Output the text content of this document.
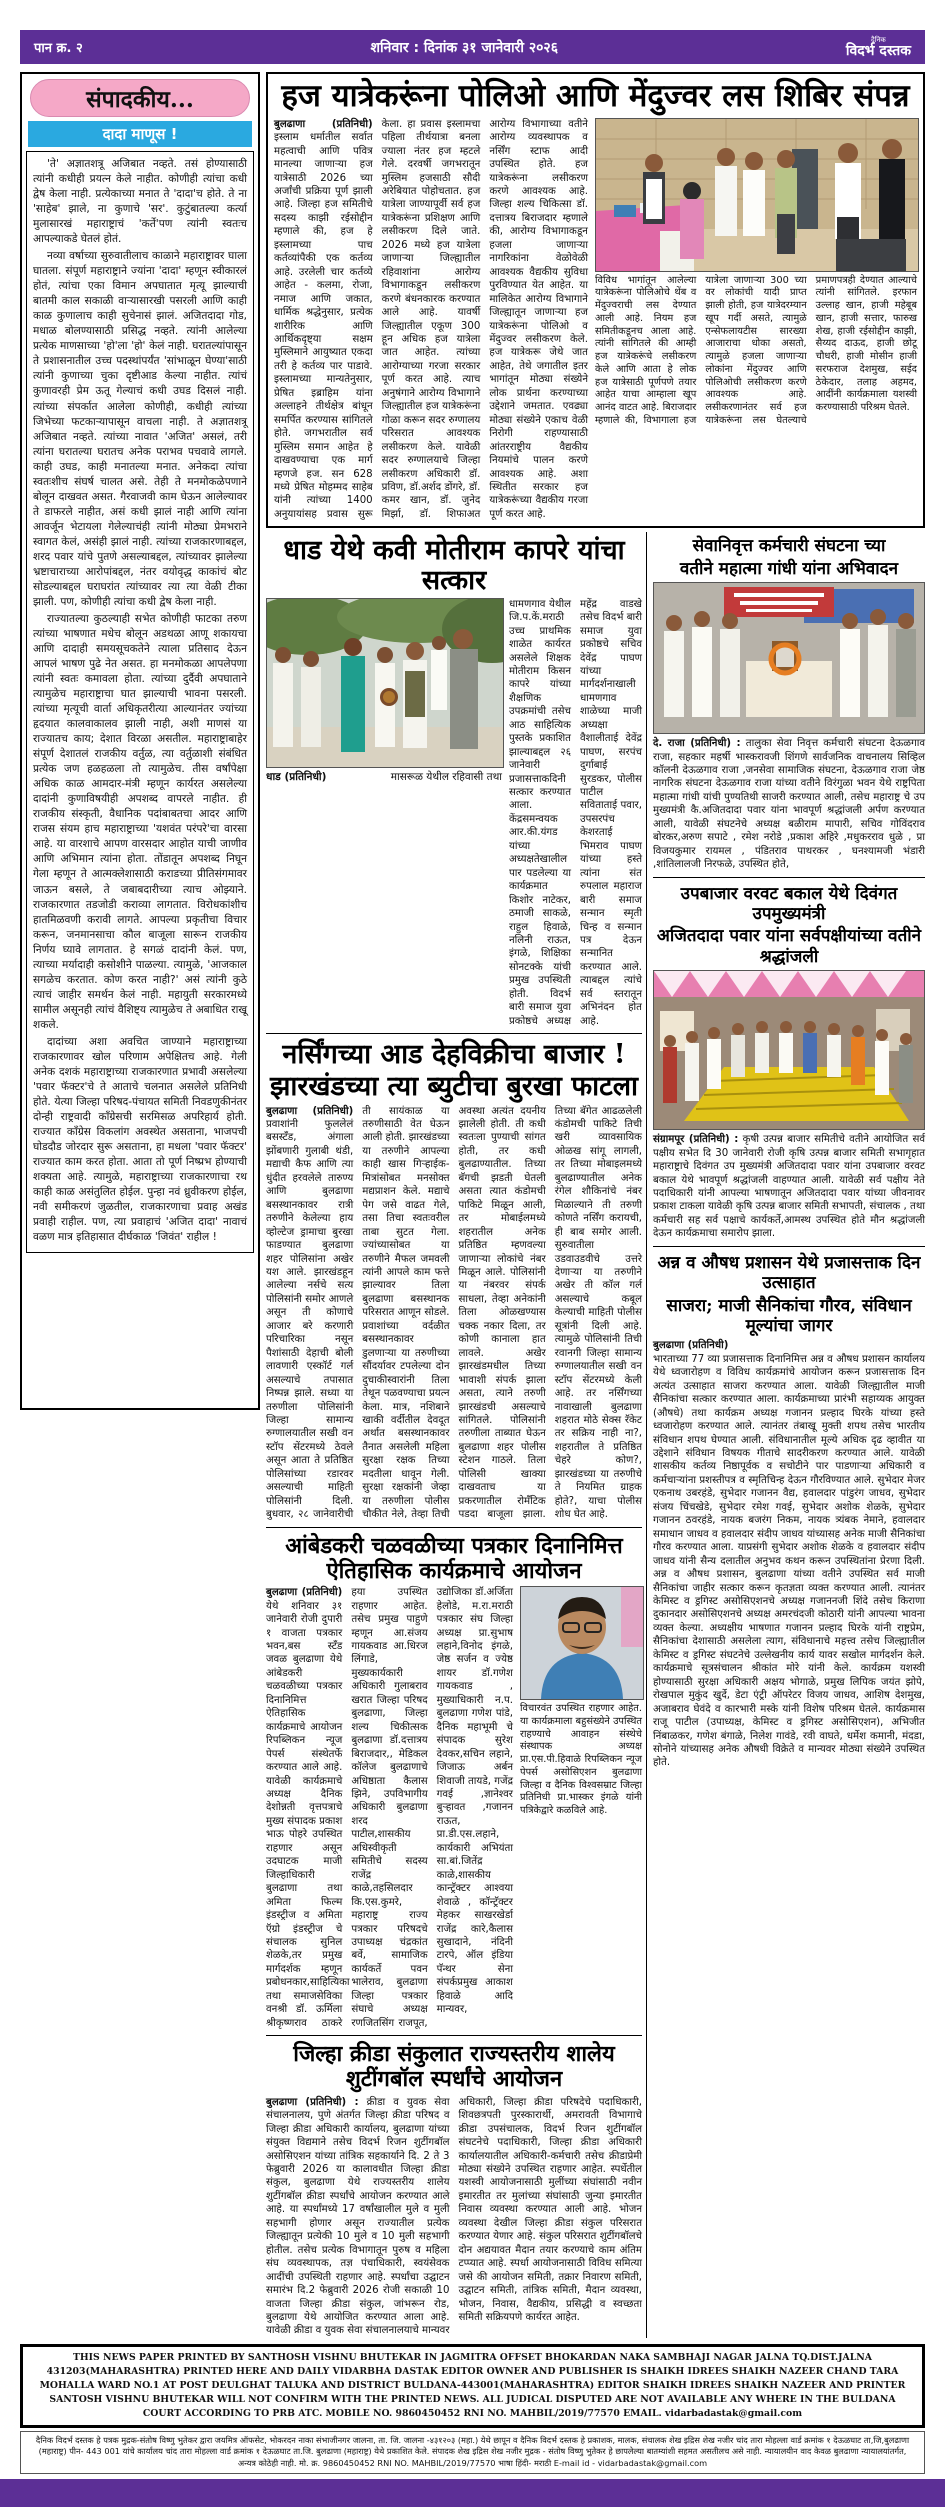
पान क्र. २	शनिवार : दिनांक ३१ जानेवारी २०२६	दैनिक
विदर्भ दस्तक
संपादकीय...
दादा माणूस !

'ते' अज्ञातशत्रू अजिबात नव्हते. तसं होण्यासाठी त्यांनी कधीही प्रयत्न केले नाहीत. कोणीही त्यांचा कधी द्वेष केला नाही. प्रत्येकाच्या मनात ते 'दादा'च होते. ते ना 'साहेब' झाले, ना कुणाचे 'सर'. कुटुंबातल्या कर्त्या मुलासारखं महाराष्ट्राचं 'कर्ते'पण त्यांनी स्वतःच आपल्याकडे घेतलं होतं.

नव्या वर्षाच्या सुरुवातीलाच काळाने महाराष्ट्रावर घाला घातला. संपूर्ण महाराष्ट्राने ज्यांना 'दादा' म्हणून स्वीकारलं होतं, त्यांचा एका विमान अपघातात मृत्यू झाल्याची बातमी काल सकाळी वाऱ्यासारखी पसरली आणि काही काळ कुणालाच काही सुचेनासं झालं. अजितदादा गोड, मधाळ बोलण्यासाठी प्रसिद्ध नव्हते. त्यांनी आलेल्या प्रत्येक माणसाच्या 'हो'ला 'हो' केलं नाही. घरातल्यांपासून ते प्रशासनातील उच्च पदस्थांपर्यंत 'सांभाळून घेण्या'साठी त्यांनी कुणाच्या चुका दृष्टीआड केल्या नाहीत. त्यांचं कुणावरही प्रेम ऊतू गेल्याचं कधी उघड दिसलं नाही. त्यांच्या संपर्कात आलेला कोणीही, कधीही त्यांच्या जिभेच्या फटकाऱ्यापासून वाचला नाही. ते अज्ञातशत्रू अजिबात नव्हते. त्यांच्या नावात 'अजित' असलं, तरी त्यांना घरातल्या घरातच अनेक पराभव पचवावे लागले. काही उघड, काही मनातल्या मनात. अनेकदा त्यांचा स्वतःशीच संघर्ष चालत असे. तेही ते मनमोकळेपणाने बोलून दाखवत असत. गैरवाजवी काम घेऊन आलेल्यावर ते डाफरले नाहीत, असं कधी झालं नाही आणि त्यांना आवर्जून भेटायला गेलेल्याचंही त्यांनी मोठ्या प्रेमभराने स्वागत केलं, असंही झालं नाही. त्यांच्या राजकारणाबद्दल, शरद पवार यांचे पुतणे असल्याबद्दल, त्यांच्यावर झालेल्या भ्रष्टाचाराच्या आरोपांबद्दल, नंतर वयोवृद्ध काकांचं बोट सोडल्याबद्दल घराघरांत त्यांच्यावर त्या त्या वेळी टीका झाली. पण, कोणीही त्यांचा कधी द्वेष केला नाही.

राज्यातल्या कुठल्याही सभेत कोणीही फाटका तरुण त्यांच्या भाषणात मधेच बोलून अडथळा आणू शकायचा आणि दादाही समयसूचकतेने त्याला प्रतिसाद देऊन आपलं भाषण पुढे नेत असत. हा मनमोकळा आपलेपणा त्यांनी स्वतः कमावला होता. त्यांच्या दुर्दैवी अपघाताने त्यामुळेच महाराष्ट्राचा घात झाल्याची भावना पसरली. त्यांच्या मृत्यूची वार्ता अधिकृतरीत्या आल्यानंतर ज्यांच्या हृदयात कालवाकालव झाली नाही, अशी माणसं या राज्यातच काय; देशात विरळा असतील. महाराष्ट्राबाहेर संपूर्ण देशातलं राजकीय वर्तुळ, त्या वर्तुळाशी संबंधित प्रत्येक जण हळहळला तो त्यामुळेच. तीस वर्षांपेक्षा अधिक काळ आमदार-मंत्री म्हणून कार्यरत असलेल्या दादांनी कुणाविषयीही अपशब्द वापरले नाहीत. ही राजकीय संस्कृती, वैधानिक पदांबाबतचा आदर आणि राजस संयम हाच महाराष्ट्राच्या 'यशवंत परंपरे'चा वारसा आहे. या वारशाचे आपण वारसदार आहोत याची जाणीव आणि अभिमान त्यांना होता. तोंडातून अपशब्द निघून गेला म्हणून ते आत्मक्लेशासाठी कराडच्या प्रीतिसंगमावर जाऊन बसले, ते जबाबदारीच्या त्याच ओझ्याने. राजकारणात तडजोडी कराव्या लागतात. विरोधकांशीच हातमिळवणी करावी लागते. आपल्या प्रकृतीचा विचार करून, जनमानसाचा कौल बाजूला सारून राजकीय निर्णय घ्यावे लागतात. हे सगळं दादांनी केलं. पण, त्याच्या मर्यादाही कसोशीने पाळल्या. त्यामुळे, 'आजकाल सगळेच करतात. कोण करत नाही?' असं त्यांनी कुठे त्याचं जाहीर समर्थन केलं नाही. महायुती सरकारमध्ये सामील असूनही त्यांचं वैशिष्ट्य त्यामुळेच ते अबाधित राखू शकले.

दादांच्या अशा अवचित जाण्याने महाराष्ट्राच्या राजकारणावर खोल परिणाम अपेक्षितच आहे. गेली अनेक दशकं महाराष्ट्राच्या राजकारणात प्रभावी असलेल्या 'पवार फॅक्टर'चे ते आताचे चलनात असलेले प्रतिनिधी होते. येत्या जिल्हा परिषद-पंचायत समिती निवडणुकीनंतर दोन्ही राष्ट्रवादी काँग्रेसची सरमिसळ अपरिहार्य होती. राज्यात काँग्रेस विकलांग अवस्थेत असताना, भाजपची घोडदौड जोरदार सुरू असताना, हा मधला 'पवार फॅक्टर' राज्यात काम करत होता. आता तो पूर्ण निष्प्रभ होण्याची शक्यता आहे. त्यामुळे, महाराष्ट्राच्या राजकारणाचा रथ काही काळ असंतुलित होईल. पुन्हा नवं ध्रुवीकरण होईल, नवी समीकरणं जुळतील, राजकारणाचा प्रवाह अखंड प्रवाही राहील. पण, त्या प्रवाहाचं 'अजित दादा' नावाचं वळण मात्र इतिहासात दीर्घकाळ 'जिवंत' राहील !

हज यात्रेकरूंना पोलिओ आणि मेंदुज्वर लस शिबिर संपन्न
बुलढाणा (प्रतिनिधी) इस्लाम धर्मातील सर्वात महत्वाची आणि पवित्र मानल्या जाणाऱ्या हज यात्रेसाठी 2026 च्या अर्जांची प्रक्रिया पूर्ण झाली आहे. जिल्हा हज समितीचे सदस्य काझी रईसोद्दीन म्हणाले की, हज हे इस्लामच्या पाच कर्तव्यांपैकी एक कर्तव्य आहे. उरलेली चार कर्तव्ये आहेत - कलमा, रोजा, नमाज आणि जकात, धार्मिक श्रद्धेनुसार, प्रत्येक शारीरिक आणि आर्थिकदृष्ट्या सक्षम मुस्लिमाने आयुष्यात एकदा तरी हे कर्तव्य पार पाडावे. इस्लामच्या मान्यतेनुसार, प्रेषित इब्राहिम यांना अल्लाहने तीर्थक्षेत्र बांधून समर्पित करण्यास सांगितले होते. जगभरातील सर्व मुस्लिम समान आहेत हे दाखवण्याचा एक मार्ग म्हणजे हज. सन 628 मध्ये प्रेषित मोहम्मद साहेब यांनी त्यांच्या 1400 अनुयायांसह प्रवास सुरू केला. हा प्रवास इस्लामचा पहिला तीर्थयात्रा बनला ज्याला नंतर हज म्हटले गेले. दरवर्षी जगभरातून मुस्लिम हजसाठी सौदी अरेबियात पोहोचतात. हज यात्रेला जाण्यापूर्वी सर्व हज यात्रेकरूंना प्रशिक्षण आणि लसीकरण दिले जाते. 2026 मध्ये हज यात्रेला जाणाऱ्या जिल्ह्यातील रहिवाशांना आरोग्य विभागाकडून लसीकरण करणे बंधनकारक करण्यात आले आहे. यावर्षी जिल्ह्यातील एकूण 300 हून अधिक हज यात्रेला जात आहेत. त्यांच्या आरोग्याच्या गरजा सरकार पूर्ण करत आहे. त्याच अनुषंगाने आरोग्य विभागाने जिल्ह्यातील हज यात्रेकरूंना गोळा करून सदर रुग्णालय परिसरात आवश्यक लसीकरण केले. यावेळी सदर रुग्णालयाचे जिल्हा लसीकरण अधिकारी डॉ. प्रविण, डॉ.अर्शद डोंगरे, डॉ. कमर खान, डॉ. जुनेद मिर्झा, डॉ. शिफाअत आरोग्य विभागाच्या वतीने आरोग्य व्यवस्थापक व नर्सिंग स्टाफ आदी उपस्थित होते. हज यात्रेकरूंना लसीकरण करणे आवश्यक आहे. जिल्हा शल्य चिकित्सा डॉ. दत्तात्रय बिराजदार म्हणाले की, आरोग्य विभागाकडून हजला जाणाऱ्या नागरिकांना वेळोवेळी आवश्यक वैद्यकीय सुविधा पुरविण्यात येत आहेत. या मालिकेत आरोग्य विभागाने जिल्ह्यातून जाणाऱ्या हज यात्रेकरूंना पोलिओ व मेंदुज्वर लसीकरण केले. हज यात्रेकरू जेथे जात आहेत, तेथे जगातील इतर भागांतून मोठ्या संख्येने लोक प्रार्थना करण्याच्या उद्देशाने जमतात. एवढ्या मोठ्या संख्येने एकाच वेळी निरोगी राहण्यासाठी आंतरराष्ट्रीय वैद्यकीय नियमांचे पालन करणे आवश्यक आहे. अशा स्थितीत सरकार हज यात्रेकरूंच्या वैद्यकीय गरजा पूर्ण करत आहे.
विविध भागांतून आलेल्या यात्रेकरूंना पोलिओचे थेंब व मेंदुज्वराची लस देण्यात आली आहे. नियम हज समितीकडूनच आला आहे. त्यांनी सांगितले की आम्ही हज यात्रेकरूंचे लसीकरण केले आणि आता हे लोक हज यात्रेसाठी पूर्णपणे तयार आहेत याचा आम्हाला खूप आनंद वाटत आहे. बिराजदार म्हणाले की, विभागाला हज यात्रेला जाणाऱ्या 300 च्या वर लोकांची यादी प्राप्त झाली होती, हज यात्रेदरम्यान खूप गर्दी असते, त्यामुळे एन्सेफलायटीस सारख्या आजाराचा धोका असतो, त्यामुळे हजला जाणाऱ्या लोकांना मेंदुज्वर आणि पोलिओची लसीकरण करणे आवश्यक आहे. लसीकरणानंतर सर्व हज यात्रेकरूंना लस घेतल्याचे प्रमाणपत्रही देण्यात आल्याचे त्यांनी सांगितले. इरफान उल्लाह खान, हाजी महेबूब खान, हाजी सत्तार, फारुख शेख, हाजी रईसोद्दीन काझी, सैय्यद दाऊद, हाजी छोटू चौधरी, हाजी मोसीन हाजी सरफराज देशमुख, सईद ठेकेदार, तलाह अहमद, आदींनी कार्यक्रमाला यशस्वी करण्यासाठी परिश्रम घेतले.
धाड येथे कवी मोतीराम कापरे यांचा सत्कार
धाड (प्रतिनिधी)	मासरूळ येथील रहिवासी तथा
धामणगाव येथील जि.प.कें.मराठी उच्च प्राथमिक शाळेत कार्यरत असलेले शिक्षक मोतीराम किसन कापरे यांच्या शैक्षणिक उपक्रमांची तसेच आठ साहित्यिक पुस्तके प्रकाशित झाल्याबद्दल २६ जानेवारी प्रजासत्ताकदिनी सत्कार करण्यात आला. केंद्रसमन्वयक आर.की.यंगड यांच्या अध्यक्षतेखालील पार पडलेल्या या कार्यक्रमात किशोर नाटेकर, ठमाजी साकळे, राहुल हिवाळे, नलिनी राऊत, इंगळे, शिक्षिका सोनटक्के यांची प्रमुख उपस्थिती होती. विदर्भ बारी समाज युवा प्रकोष्ठचे अध्यक्ष महेंद्र वाडखे तसेच विदर्भ बारी समाज युवा प्रकोष्ठचे सचिव देवेंद्र पाघण यांच्या मार्गदर्शनाखाली धामणगाव शाळेच्या माजी अध्यक्षा वैशालीताई देवेंद्र पाघण, सरपंच दुर्गाबाई सुरडकर, पोलीस पाटील सविताताई पवार, उपसरपंच केशरताई भिमराव पाघण यांच्या हस्ते त्यांना संत रुपलाल महाराज बारी समाज सन्मान स्मृती चिन्ह व सन्मान पत्र देऊन सन्मानित करण्यात आले. त्याबद्दल त्यांचे सर्व स्तरातून अभिनंदन होत आहे.
नर्सिंगच्या आड देहविक्रीचा बाजार !
झारखंडच्या त्या ब्युटीचा बुरखा फाटला
बुलढाणा (प्रतिनिधी) प्रवाशांनी फुललेलं बसस्टँड, अंगाला झोंबणारी गुलाबी थंडी, मद्याची कैफ आणि त्या धुंदीत हरवलेले तारुण्य आणि बुलढाणा बसस्थानकावर रात्री तरुणीने केलेल्या हाय व्होल्टेज ड्रामाचा बुरखा फाडण्यात बुलढाणा शहर पोलिसांना अखेर यश आले. झारखंडहून आलेल्या नर्सचे सत्य पोलिसांनी समोर आणले असून ती कोणाचे आजार बरे करणारी परिचारिका नसून पैशांसाठी देहाची बोली लावणारी एस्कॉर्ट गर्ल असल्याचे तपासात निष्पन्न झाले. सध्या या तरुणीला पोलिसांनी जिल्हा सामान्य रुग्णालयातील सखी वन स्टॉप सेंटरमध्ये ठेवले असून आता ते प्रतिष्ठित पोलिसांच्या रडारवर असल्याची माहिती पोलिसांनी दिली. बुधवार, २८ जानेवारीची ती सायंकाळ या तरुणीसाठी वेत घेऊन आली होती. झारखंडच्या या तरुणीने आपल्या काही खास गिऱ्हाईक-मित्रांसोबत मनसोक्त मद्यप्राशन केले. मद्याचे पेग जसे वाढत गेले, तसा तिचा स्वतःवरील ताबा सुटत गेला. ज्यांच्यासोबत या तरुणीने मैफल जमवली त्यांनी आपले काम फत्ते झाल्यावर तिला बुलढाणा बसस्थानक परिसरात आणून सोडले. प्रवाशांच्या वर्दळीत बसस्थानकावर डुलणाऱ्या या तरुणीच्या सौंदर्यावर टपलेल्या दोन दुचाकीस्वारांनी तिला तेथून पळवण्याचा प्रयत्न केला. मात्र, नशिबाने खाकी वर्दीतील देवदूत अर्थात बसस्थानकावर तैनात असलेली महिला सुरक्षा रक्षक तिच्या मदतीला धावून गेली. सुरक्षा रक्षकांनी जेव्हा या तरुणीला पोलीस चौकीत नेले, तेव्हा तिची अवस्था अत्यंत दयनीय झालेली होती. ती कधी स्वतःला पुण्याची सांगत होती, तर कधी बुलढाण्यातील. तिच्या बॅगची झडती घेतली असता त्यात कंडोमची पाकिटे मिळून आली, तर मोबाईलमध्ये शहरातील अनेक प्रतिष्ठित म्हणवल्या जाणाऱ्या लोकांचे नंबर मिळून आले. पोलिसांनी या नंबरवर संपर्क साधला, तेव्हा अनेकांनी तिला ओळखण्यास चक्क नकार दिला, तर कोणी कानाला हात लावले. अखेर झारखंडमधील तिच्या भावाशी संपर्क झाला असता, त्याने तरुणी झारखंडची असल्याचे सांगितले. पोलिसांनी तरुणीला ताब्यात घेऊन बुलढाणा शहर पोलीस स्टेशन गाठले. तिला पोलिसी खाक्या दाखवताच या प्रकरणातील रोमँटिक पडदा बाजूला झाला. तिच्या बॅगेत आढळलेली कंडोमची पाकिटे तिची खरी व्यावसायिक ओळख सांगू लागली, तर तिच्या मोबाइलमध्ये बुलढाण्यातील अनेक रंगेल शौकिनांचे नंबर मिळाल्याने ती तरुणी कोणते नर्सिंग करायची, ही बाब समोर आली. सुरुवातीला उडवाउडवीचे उत्तरे देणाऱ्या या तरुणीने अखेर ती कॉल गर्ल असल्याचे कबूल केल्याची माहिती पोलीस सूत्रांनी दिली आहे. त्यामुळे पोलिसांनी तिची रवानगी जिल्हा सामान्य रुग्णालयातील सखी वन स्टॉप सेंटरमध्ये केली आहे. तर नर्सिंगच्या नावाखाली बुलढाणा शहरात मोठे सेक्स रॅकेट तर सक्रिय नाही ना?, शहरातील ते प्रतिष्ठित चेहरे कोण?, झारखंडच्या या तरुणीचे ते नियमित ग्राहक होते?, याचा पोलीस शोध घेत आहे.
आंबेडकरी चळवळीच्या पत्रकार दिनानिमित्त ऐतिहासिक कार्यक्रमाचे आयोजन
बुलढाणा (प्रतिनिधी) येथे शनिवार ३१ जानेवारी रोजी दुपारी १ वाजता पत्रकार भवन,बस स्टँड जवळ बुलढाणा येथे आंबेडकरी चळवळीच्या पत्रकार दिनानिमित्त ऐतिहासिक कार्यक्रमाचे आयोजन रिपब्लिकन न्यूज पेपर्स संस्थेतर्फे करण्यात आले आहे. यावेळी कार्यक्रमाचे अध्यक्ष दैनिक देशोन्नती वृत्तपत्राचे मुख्य संपादक प्रकाश भाऊ पोहरे उपस्थित राहणार असून उदघाटक माजी जिल्हाधिकारी बुलढाणा तथा अमिता फिल्म इंडस्ट्रीज व अमिता ऍग्रो इंडस्ट्रीज चे संचालक सुनिल शेळके,तर प्रमुख मार्गदर्शक म्हणून प्रबोधनकार,साहित्यिका तथा समाजसेविका वनश्री डॉ. ऊर्मिला श्रीकृष्णराव ठाकरे हया उपस्थित राहणार आहेत. तसेच प्रमुख पाहुणे म्हणून आ.संजय गायकवाड आ.धिरज लिंगाडे, मुख्यकार्यकारी अधिकारी गुलाबराव खरात जिल्हा परिषद बुलढाणा, जिल्हा शल्य चिकीत्सक बुलढाणा डॉ.दत्तात्रय बिराजदार,, मेडिकल कॉलेज बुलढाणाचे अधिष्ठाता कैलास झिने, उपविभागीय अधिकारी बुलढाणा शरद पाटील,शासकीय अधिस्वीकृती समितीचे सदस्य राजेंद्र काळे,तहसिलदार कि.एस.कुमरे, महाराष्ट्र राज्य पत्रकार परिषदचे उपाध्यक्ष चंद्रकांत बर्वे, सामाजिक कार्यकर्ते पवन भालेराव, बुलढाणा जिल्हा पत्रकार संघाचे अध्यक्ष रणजितसिंग राजपूत, उद्योजिका डॉ.अर्जिता हेलोडे, म.रा.मराठी पत्रकार संघ जिल्हा अध्यक्ष प्रा.सुभाष लहाने,विनोद इंगळे, जेष्ठ सर्जन व ज्येष्ठ शायर डॉ.गणेश गायकवाड , मुख्याधिकारी न.प. बुलढाणा गणेश पांडे, दैनिक महाभूमी चे संपादक सुरेश देवकर,सचिन लहाने, जिजाऊ अर्बन शिवाजी तायडे, गजेंद्र गवई ,ज्ञानेश्वर बुऱ्हावत ,गजानन राऊत, प्रा.डी.एस.लहाने, कार्यकारी अभियंता सा.बां.जितेंद्र काळे,शासकीय कान्ट्रॅक्टर आश्वया शेवाळे , कॉन्ट्रॅक्टर मेहकर साखरखेर्डा राजेंद्र कारे,कैलास सुखादाने, नंदिनी टारपे, ऑल इंडिया पॅन्थर सेना संपर्कप्रमुख आकाश हिवाळे आदि मान्यवर,
विचारवंत उपस्थित राहणार आहेत. या कार्यक्रमाला बहुसंख्येने उपस्थित राहण्याचे आवाहन संस्थेचे संस्थापक अध्यक्ष प्रा.एस.पी.हिवाळे रिपब्लिकन न्यूज पेपर्स असोसिएशन बुलढाणा जिल्हा व दैनिक विश्वसम्राट जिल्हा प्रतिनिधी प्रा.भास्कर इंगळे यांनी पत्रिकेद्वारे कळविले आहे.
जिल्हा क्रीडा संकुलात राज्यस्तरीय शालेय शुटींगबॉल स्पर्धांचे आयोजन
बुलढाणा (प्रतिनिधी) : क्रीडा व युवक सेवा संचालनालय, पुणे अंतर्गत जिल्हा क्रीडा परिषद व जिल्हा क्रीडा अधिकारी कार्यालय, बुलढाणा यांच्या संयुक्त विद्यमाने तसेच विदर्भ रिजन शुटींगबॉल असोसिएशन यांच्या तांत्रिक सहकार्याने दि. 2 ते 3 फेब्रुवारी 2026 या कालावधीत जिल्हा क्रीडा संकुल, बुलढाणा येथे राज्यस्तरीय शालेय शुटींगबॉल क्रीडा स्पर्धांचे आयोजन करण्यात आले आहे. या स्पर्धांमध्ये 17 वर्षांखालील मुले व मुली सहभागी होणार असून राज्यातील प्रत्येक जिल्ह्यातून प्रत्येकी 10 मुले व 10 मुली सहभागी होतील. तसेच प्रत्येक विभागातून पुरुष व महिला संघ व्यवस्थापक, तज्ञ पंचाधिकारी, स्वयंसेवक आदींची उपस्थिती राहणार आहे. स्पर्धांचा उद्घाटन समारंभ दि.2 फेब्रुवारी 2026 रोजी सकाळी 10 वाजता जिल्हा क्रीडा संकुल, जांभरून रोड, बुलढाणा येथे आयोजित करण्यात आला आहे. यावेळी क्रीडा व युवक सेवा संचालनालयाचे मान्यवर अधिकारी, जिल्हा क्रीडा परिषदेचे पदाधिकारी, शिवछत्रपती पुरस्कारार्थी, अमरावती विभागाचे क्रीडा उपसंचालक, विदर्भ रिजन शुटींगबॉल संघटनेचे पदाधिकारी, जिल्हा क्रीडा अधिकारी कार्यालयातील अधिकारी-कर्मचारी तसेच क्रीडाप्रेमी मोठ्या संख्येने उपस्थित राहणार आहेत. स्पर्धेतील यशस्वी आयोजनासाठी मुलींच्या संघांसाठी नवीन इमारतीत तर मुलांच्या संघांसाठी जुन्या इमारतीत निवास व्यवस्था करण्यात आली आहे. भोजन व्यवस्था देखील जिल्हा क्रीडा संकुल परिसरात करण्यात येणार आहे. संकुल परिसरात शुटींगबॉलचे दोन अद्ययावत मैदान तयार करण्याचे काम अंतिम टप्प्यात आहे. स्पर्धा आयोजनासाठी विविध समित्या जसे की आयोजन समिती, तक्रार निवारण समिती, उद्घाटन समिती, तांत्रिक समिती, मैदान व्यवस्था, भोजन, निवास, वैद्यकीय, प्रसिद्धी व स्वच्छता समिती सक्रियपणे कार्यरत आहेत.
सेवानिवृत्त कर्मचारी संघटना च्या
वतीने महात्मा गांधी यांना अभिवादन
दे. राजा (प्रतिनिधी) : तालुका सेवा निवृत्त कर्मचारी संघटना देऊळगाव राजा, सहकार महर्षी भास्करावजी शिंगणे सार्वजनिक वाचनालय सिव्हिल कॉलनी देऊळगाव राजा ,जनसेवा सामाजिक संघटना, देऊळगाव राजा जेष्ठ नागरिक संघटना देऊळगाव राजा यांच्या वतीने विरंगुळा भवन येथे राष्ट्रपिता महात्मा गांधी यांची पुण्यतिथी साजरी करण्यात आली, तसेच महाराष्ट्र चे उप मुख्यमंत्री कै.अजितदादा पवार यांना भावपूर्ण श्रद्धांजली अर्पण करण्यात आली, यावेळी संघटनेचे अध्यक्ष बळीराम मापारी, सचिव गोविंदराव बोरकर,अरुण सपाटे , रमेश नरोडे ,प्रकाश अहिरे ,मधुकरराव धुळे , प्रा विजयकुमार रायमल , पंडितराव पाथरकर , घनश्यामजी भंडारी ,शांतिलालजी निरफळे, उपस्थित होते,
उपबाजार वरवट बकाल येथे दिवंगत उपमुख्यमंत्री
अजितदादा पवार यांना सर्वपक्षीयांच्या वतीने श्रद्धांजली
संग्रामपूर (प्रतिनिधी) : कृषी उत्पन्न बाजार समितीचे वतीने आयोजित सर्व पक्षीय सभेत दि 30 जानेवारी रोजी कृषि उत्पन्न बाजार समिती सभागृहात महाराष्ट्राचे दिवंगत उप मुख्यमंत्री अजितदादा पवार यांना उपबाजार वरवट बकाल येथे भावपूर्ण श्रद्धांजली वाहण्यात आली. यावेळी सर्व पक्षीय नेते पदाधिकारी यांनी आपल्या भाषणातून अजितदादा पवार यांच्या जीवनावर प्रकाश टाकला यावेळी कृषि उत्पन्न बाजार समिती सभापती, संचालक , तथा कर्मचारी सह सर्व पक्षाचे कार्यकर्ते,आमस्थ उपस्थित होते मौन श्रद्धांजली देऊन कार्यक्रमाचा समारोप झाला.
अन्न व औषध प्रशासन येथे प्रजासत्ताक दिन उत्साहात
साजरा; माजी सैनिकांचा गौरव, संविधान मूल्यांचा जागर
बुलढाणा (प्रतिनिधी)
भारताच्या 77 व्या प्रजासत्ताक दिनानिमित्त अन्न व औषध प्रशासन कार्यालय येथे ध्वजारोहण व विविध कार्यक्रमांचे आयोजन करून प्रजासत्ताक दिन अत्यंत उत्साहात साजरा करण्यात आला. यावेळी जिल्ह्यातील माजी सैनिकांचा सत्कार करण्यात आला. कार्यक्रमाच्या प्रारंभी सहाय्यक आयुक्त (औषधे) तथा कार्यक्रम अध्यक्ष गजानन प्रल्हाद घिरके यांच्या हस्ते ध्वजारोहण करण्यात आले. त्यानंतर तंबाखू मुक्ती शपथ तसेच भारतीय संविधान शपथ घेण्यात आली. संविधानातील मूल्ये अधिक दृढ व्हावीत या उद्देशाने संविधान विषयक गीताचे सादरीकरण करण्यात आले. यावेळी शासकीय कर्तव्य निष्ठापूर्वक व सचोटीने पार पाडणाऱ्या अधिकारी व कर्मचाऱ्यांना प्रशस्तीपत्र व स्मृतिचिन्ह देऊन गौरविण्यात आले. सुभेदार मेजर एकनाथ उबरहंडे, सुभेदार गजानन वैद्य, हवालदार पांडुरंग जाधव, सुभेदार संजय चिंचखेडे, सुभेदार रमेश गवई, सुभेदार अशोक शेळके, सुभेदार गजानन ठवरहंडे, नायक बजरंग निकम, नायक त्र्यंबक नेमाने, हवालदार समाधान जाधव व हवालदार संदीप जाधव यांच्यासह अनेक माजी सैनिकांचा गौरव करण्यात आला. याप्रसंगी सुभेदार अशोक शेळके व हवालदार संदीप जाधव यांनी सैन्य दलातील अनुभव कथन करून उपस्थितांना प्रेरणा दिली. अन्न व औषध प्रशासन, बुलढाणा यांच्या वतीने उपस्थित सर्व माजी सैनिकांचा जाहीर सत्कार करून कृतज्ञता व्यक्त करण्यात आली. त्यानंतर केमिस्ट व ड्रगिस्ट असोसिएशनचे अध्यक्ष गजाननजी शिंदे तसेच किराणा दुकानदार असोसिएशनचे अध्यक्ष अमरचंदजी कोठारी यांनी आपल्या भावना व्यक्त केल्या. अध्यक्षीय भाषणात गजानन प्रल्हाद घिरके यांनी राष्ट्रप्रेम, सैनिकांचा देशासाठी असलेला त्याग, संविधानाचे महत्त्व तसेच जिल्ह्यातील केमिस्ट व ड्रगिस्ट संघटनेचे उल्लेखनीय कार्य यावर सखोल मार्गदर्शन केले. कार्यक्रमाचे सूत्रसंचालन श्रीकांत मोरे यांनी केले. कार्यक्रम यशस्वी होण्यासाठी सुरक्षा अधिकारी अक्षय भोगाळे, प्रमुख लिपिक जयंत झोपे, रोखपाल मुकुंद खुर्दे, डेटा एंट्री ऑपरेटर विजय जाधव, आशिष देशमुख, अजाबराव घेवंदे व कारभारी मस्के यांनी विशेष परिश्रम घेतले. कार्यक्रमास राजू पाटील (उपाध्यक्ष, केमिस्ट व ड्रगिस्ट असोसिएशन), अभिजीत निंबाळकर, गणेश बंगाळे, निलेश गावंडे, रवी वाघते, धर्मेश कमानी, मंदडा, सोनोने यांच्यासह अनेक औषधी विक्रेते व मान्यवर मोठ्या संख्येने उपस्थित होते.
THIS NEWS PAPER PRINTED BY SANTHOSH VISHNU BHUTEKAR IN JAGMITRA OFFSET BHOKARDAN NAKA SAMBHAJI NAGAR JALNA TQ.DIST.JALNA 431203(MAHARASHTRA) PRINTED HERE AND DAILY VIDARBHA DASTAK EDITOR OWNER AND PUBLISHER IS SHAIKH IDREES SHAIKH NAZEER CHAND TARA MOHALLA WARD NO.1 AT POST DEULGHAT TALUKA AND DISTRICT BULDANA-443001(MAHARASHTRA) EDITOR SHAIKH IDREES SHAIKH NAZEER AND PRINTER SANTOSH VISHNU BHUTEKAR WILL NOT CONFIRM WITH THE PRINTED NEWS. ALL JUDICAL DISPUTED ARE NOT AVAILABLE ANY WHERE IN THE BULDANA COURT ACCORDING TO PRB ATC. MOBILE NO. 9860450452 RNI NO. MAHBIL/2019/77570 EMAIL. vidarbadastak@gmail.com
दैनिक विदर्भ दस्तक हे पत्रक मुद्रक-संतोष विष्णु भुतेकर द्वारा जयमित्र ऑफसेट, भोकरदन नाका संभाजीनगर जालना, ता. जि. जालना -४३१२०३ (महा.) येथे छापून व दैनिक विदर्भ दस्तक हे प्रकाशक, मालक, संचालक शेख इद्रिस शेख नजीर चांद तारा मोहल्ला वार्ड क्रमांक १ देऊळघाट ता,जि,बुलढाणा (महाराष्ट्र) पीन- 443 001 यांचे कार्यालय चांद तारा मोहल्ला वार्ड क्रमांक १ देऊळघाट ता.जि. बुलढाणा (महाराष्ट्र) येथे प्रकाशित केले. संपादक शेख इद्रिस शेख नजीर मुद्रक - संतोष विष्णु भुतेकर हे छापलेल्या बातम्यांशी सहमत असतीलच असे नाही. न्यायालयीन वाद केवळ बुलढाणा न्यायालयांतर्गत, अन्यत्र कोठेही नाही. मो. क्र. 9860450452 RNI NO. MAHBIL/2019/77570 भाषा हिंदी- मराठी E-mail id - vidarbadastak@gmail.com
